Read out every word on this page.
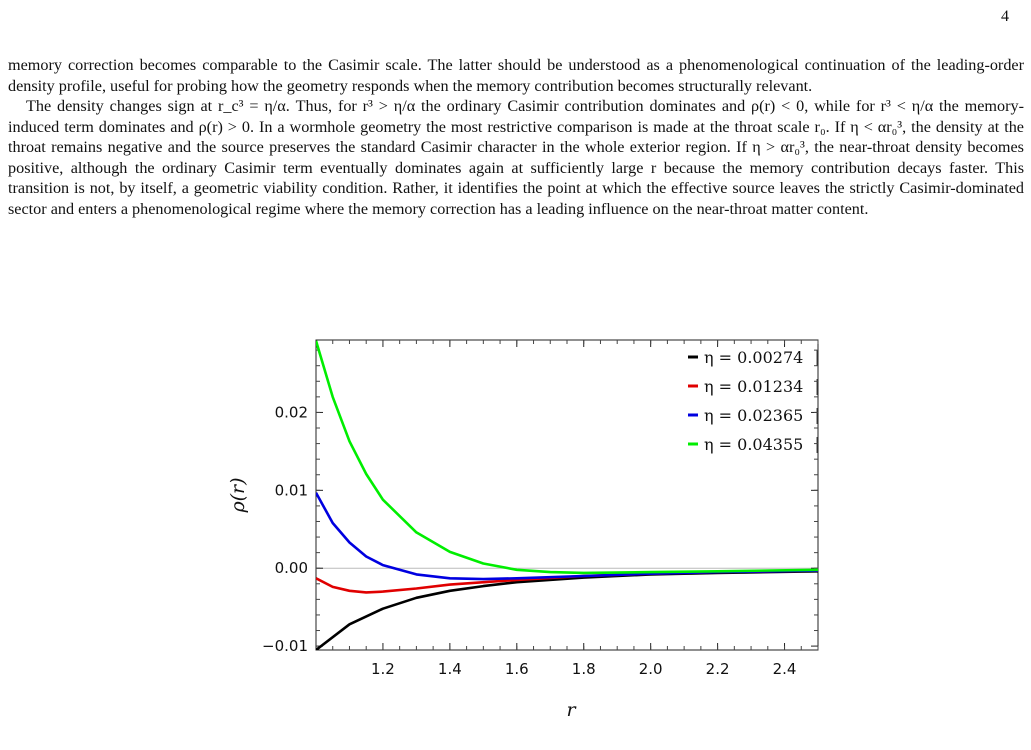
4

memory correction becomes comparable to the Casimir scale. The latter should be understood as a phenomenological continuation of the leading-order density profile, useful for probing how the geometry responds when the memory contribution becomes structurally relevant.

The density changes sign at r_c³ = η/α. Thus, for r³ > η/α the ordinary Casimir contribution dominates and ρ(r) < 0, while for r³ < η/α the memory-induced term dominates and ρ(r) > 0. In a wormhole geometry the most restrictive comparison is made at the throat scale r₀. If η < αr₀³, the density at the throat remains negative and the source preserves the standard Casimir character in the whole exterior region. If η > αr₀³, the near-throat density becomes positive, although the ordinary Casimir term eventually dominates again at sufficiently large r because the memory contribution decays faster. This transition is not, by itself, a geometric viability condition. Rather, it identifies the point at which the effective source leaves the strictly Casimir-dominated sector and enters a phenomenological regime where the memory correction has a leading influence on the near-throat matter content.

1.2	1.4	1.6	1.8	2.0	2.2	2.4
−0.01
0.00
0.01
0.02
r
ρ(r)
η = 0.00274
η = 0.01234
η = 0.02365
η = 0.04355
